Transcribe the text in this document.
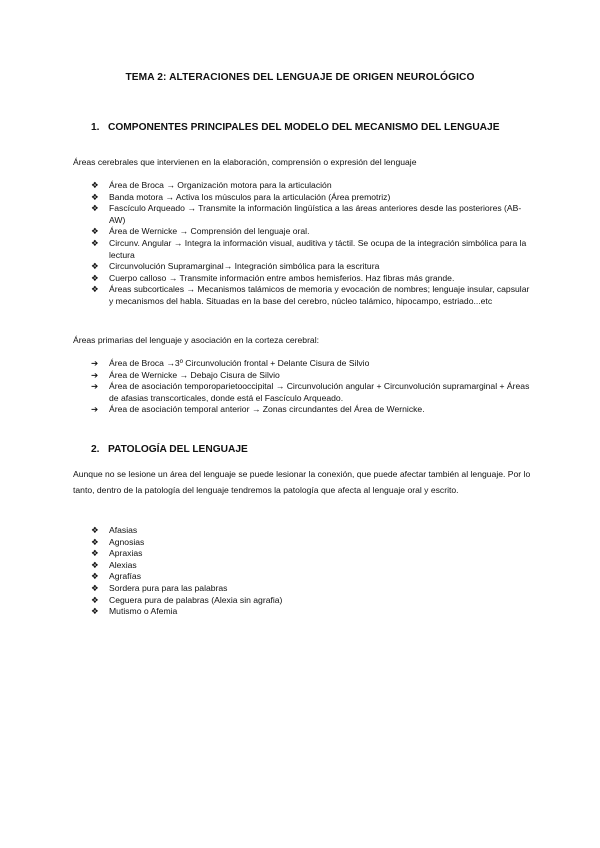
TEMA 2: ALTERACIONES DEL LENGUAJE DE ORIGEN NEUROLÓGICO
1. COMPONENTES PRINCIPALES DEL MODELO DEL MECANISMO DEL LENGUAJE
Áreas cerebrales que intervienen en la elaboración, comprensión o expresión del lenguaje
❖	Área de Broca → Organización motora para la articulación
❖	Banda motora → Activa los músculos para la articulación (Área premotriz)
❖	Fascículo Arqueado → Transmite la información lingüística a las áreas anteriores desde las posteriores (AB-AW)
❖	Área de Wernicke → Comprensión del lenguaje oral.
❖	Circunv. Angular → Integra la información visual, auditiva y táctil. Se ocupa de la integración simbólica para la lectura
❖	Circunvolución Supramarginal→ Integración simbólica para la escritura
❖	Cuerpo calloso → Transmite información entre ambos hemisferios. Haz fibras más grande.
❖	Áreas subcorticales → Mecanismos talámicos de memoria y evocación de nombres; lenguaje insular, capsular y mecanismos del habla. Situadas en la base del cerebro, núcleo talámico, hipocampo, estriado...etc
Áreas primarias del lenguaje y asociación en la corteza cerebral:
➔	Área de Broca →3º Circunvolución frontal + Delante Cisura de Silvio
➔	Área de Wernicke → Debajo Cisura de Silvio
➔	Área de asociación temporoparietooccipital → Circunvolución angular + Circunvolución supramarginal + Áreas de afasias transcorticales, donde está el Fascículo Arqueado.
➔	Área de asociación temporal anterior → Zonas circundantes del Área de Wernicke.
2. PATOLOGÍA DEL LENGUAJE
Aunque no se lesione un área del lenguaje se puede lesionar la conexión, que puede afectar también al lenguaje. Por lo tanto, dentro de la patología del lenguaje tendremos la patología que afecta al lenguaje oral y escrito.
❖	Afasias
❖	Agnosias
❖	Apraxias
❖	Alexias
❖	Agrafías
❖	Sordera pura para las palabras
❖	Ceguera pura de palabras (Alexia sin agrafia)
❖	Mutismo o Afemia
